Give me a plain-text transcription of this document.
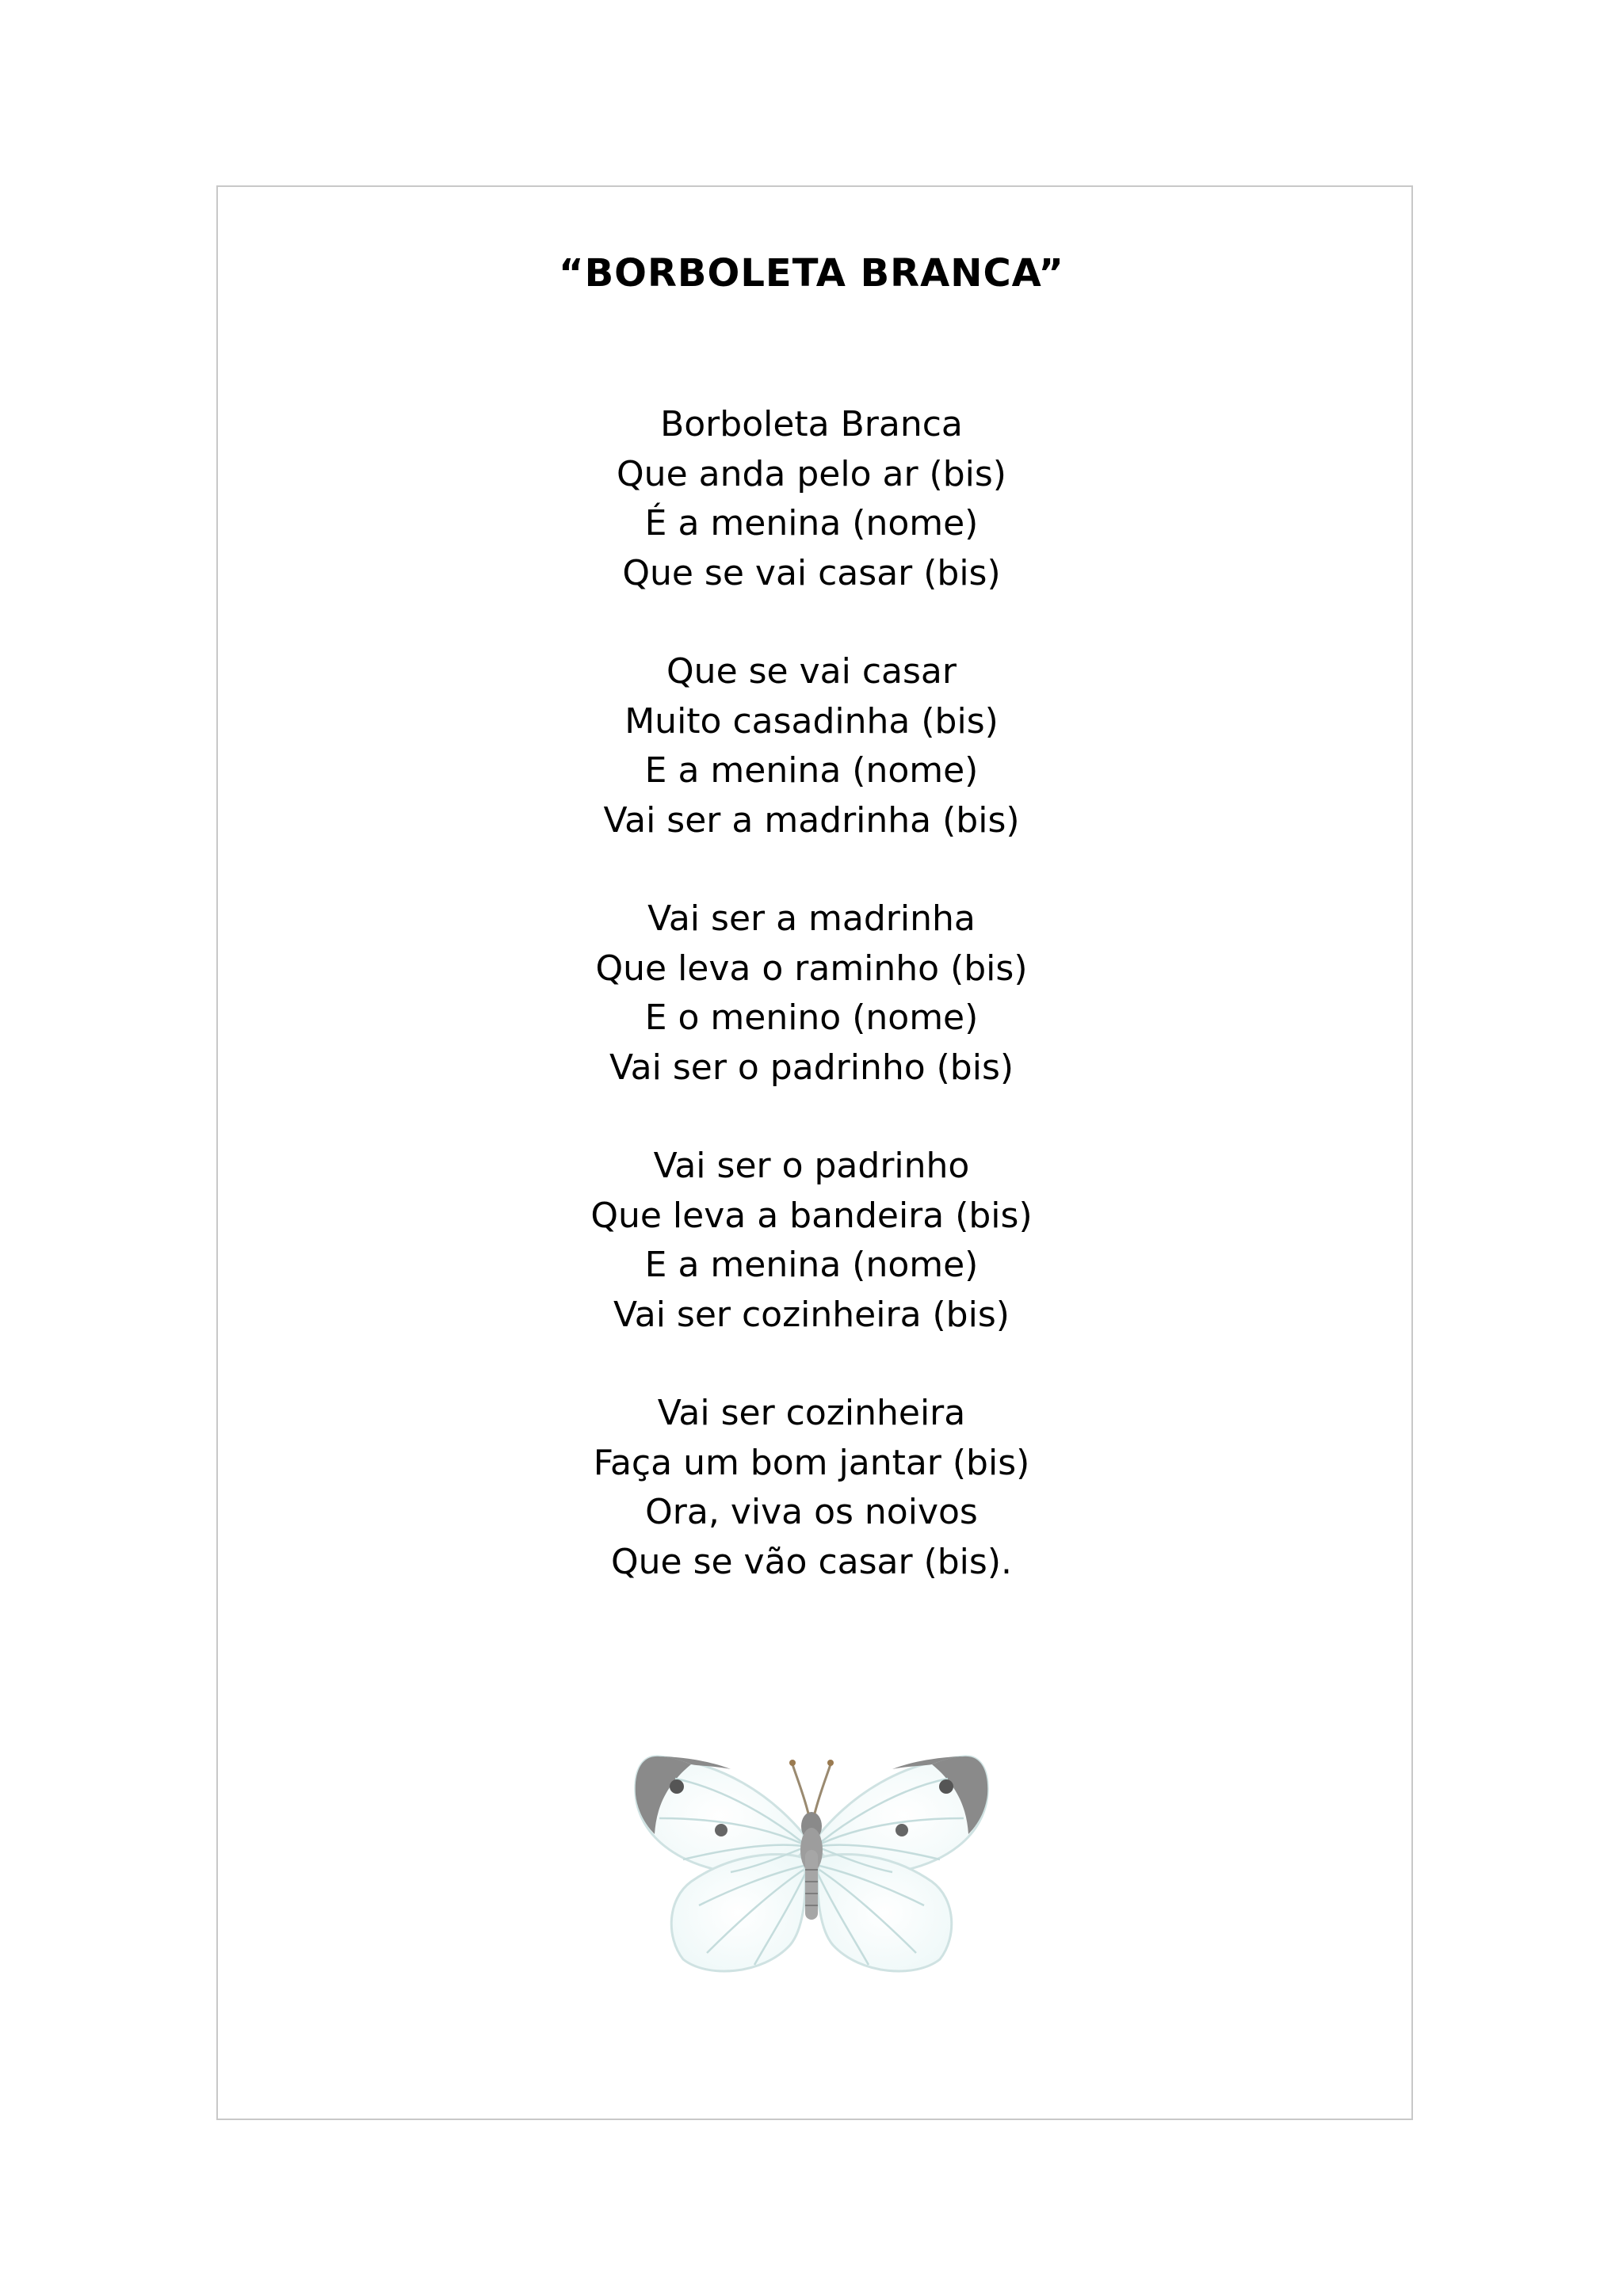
“BORBOLETA BRANCA”
Borboleta Branca
Que anda pelo ar (bis)
É a menina (nome)
Que se vai casar (bis)
Que se vai casar
Muito casadinha (bis)
E a menina (nome)
Vai ser a madrinha (bis)
Vai ser a madrinha
Que leva o raminho (bis)
E o menino (nome)
Vai ser o padrinho (bis)
Vai ser o padrinho
Que leva a bandeira (bis)
E a menina (nome)
Vai ser cozinheira (bis)
Vai ser cozinheira
Faça um bom jantar (bis)
Ora, viva os noivos
Que se vão casar (bis).
